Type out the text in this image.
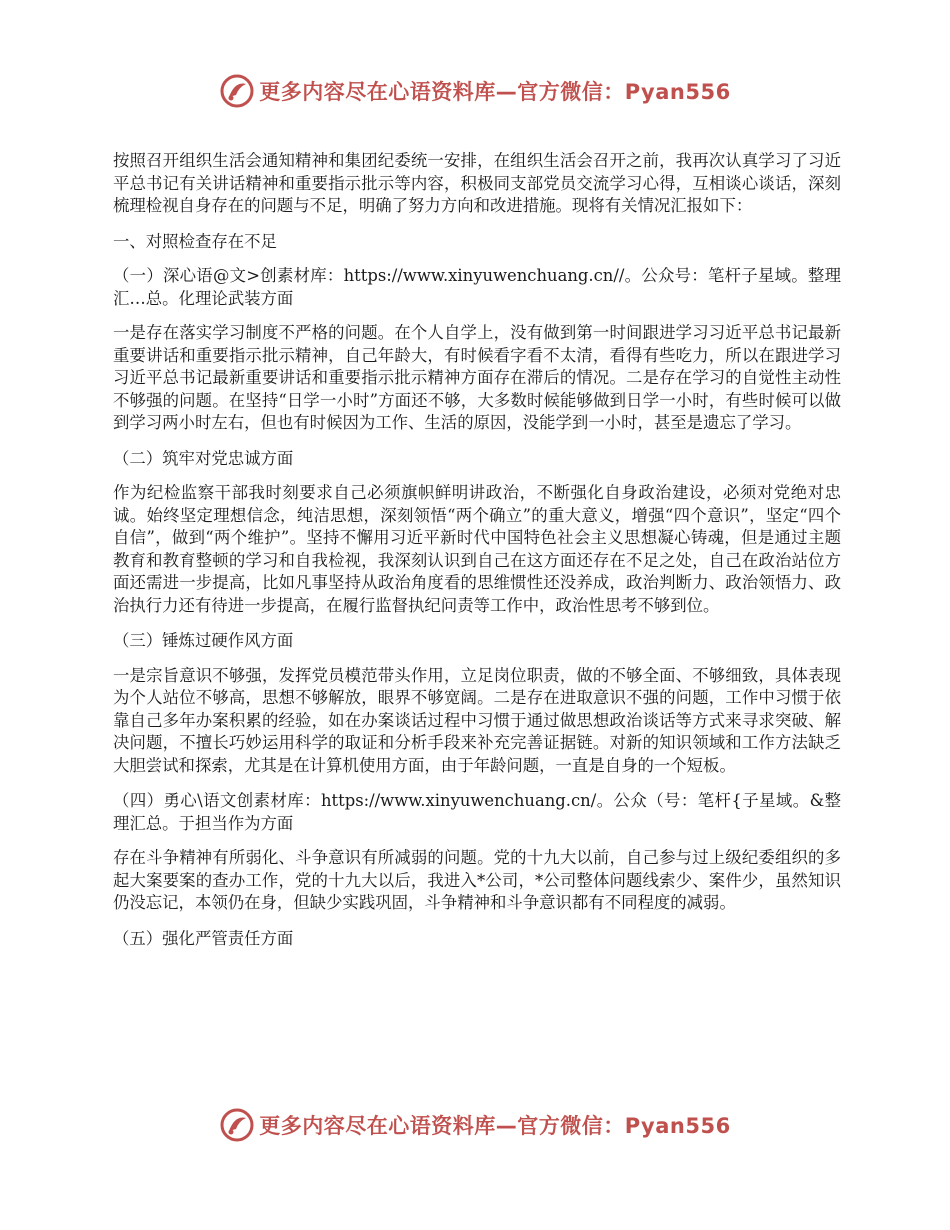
更多内容尽在心语资料库—官方微信：Pyan556

按照召开组织生活会通知精神和集团纪委统一安排，在组织生活会召开之前，我再次认真学习了习近平总书记有关讲话精神和重要指示批示等内容，积极同支部党员交流学习心得，互相谈心谈话，深刻梳理检视自身存在的问题与不足，明确了努力方向和改进措施。现将有关情况汇报如下：

一、对照检查存在不足

（一）深心语@文>创素材库：https://www.xinyuwenchuang.cn//。公众号：笔杆子星域。整理汇…总。化理论武装方面

一是存在落实学习制度不严格的问题。在个人自学上，没有做到第一时间跟进学习习近平总书记最新重要讲话和重要指示批示精神，自己年龄大，有时候看字看不太清，看得有些吃力，所以在跟进学习习近平总书记最新重要讲话和重要指示批示精神方面存在滞后的情况。二是存在学习的自觉性主动性不够强的问题。在坚持“日学一小时”方面还不够，大多数时候能够做到日学一小时，有些时候可以做到学习两小时左右，但也有时候因为工作、生活的原因，没能学到一小时，甚至是遗忘了学习。

（二）筑牢对党忠诚方面

作为纪检监察干部我时刻要求自己必须旗帜鲜明讲政治，不断强化自身政治建设，必须对党绝对忠诚。始终坚定理想信念，纯洁思想，深刻领悟“两个确立”的重大意义，增强“四个意识”，坚定“四个自信”，做到“两个维护”。坚持不懈用习近平新时代中国特色社会主义思想凝心铸魂，但是通过主题教育和教育整顿的学习和自我检视，我深刻认识到自己在这方面还存在不足之处，自己在政治站位方面还需进一步提高，比如凡事坚持从政治角度看的思维惯性还没养成，政治判断力、政治领悟力、政治执行力还有待进一步提高，在履行监督执纪问责等工作中，政治性思考不够到位。

（三）锤炼过硬作风方面

一是宗旨意识不够强，发挥党员模范带头作用，立足岗位职责，做的不够全面、不够细致，具体表现为个人站位不够高，思想不够解放，眼界不够宽阔。二是存在进取意识不强的问题，工作中习惯于依靠自己多年办案积累的经验，如在办案谈话过程中习惯于通过做思想政治谈话等方式来寻求突破、解决问题，不擅长巧妙运用科学的取证和分析手段来补充完善证据链。对新的知识领域和工作方法缺乏大胆尝试和探索，尤其是在计算机使用方面，由于年龄问题，一直是自身的一个短板。

（四）勇心\语文创素材库：https://www.xinyuwenchuang.cn/。公众（号：笔杆{子星域。&整理汇总。于担当作为方面

存在斗争精神有所弱化、斗争意识有所减弱的问题。党的十九大以前，自己参与过上级纪委组织的多起大案要案的查办工作，党的十九大以后，我进入*公司，*公司整体问题线索少、案件少，虽然知识仍没忘记，本领仍在身，但缺少实践巩固，斗争精神和斗争意识都有不同程度的减弱。

（五）强化严管责任方面

更多内容尽在心语资料库—官方微信：Pyan556
